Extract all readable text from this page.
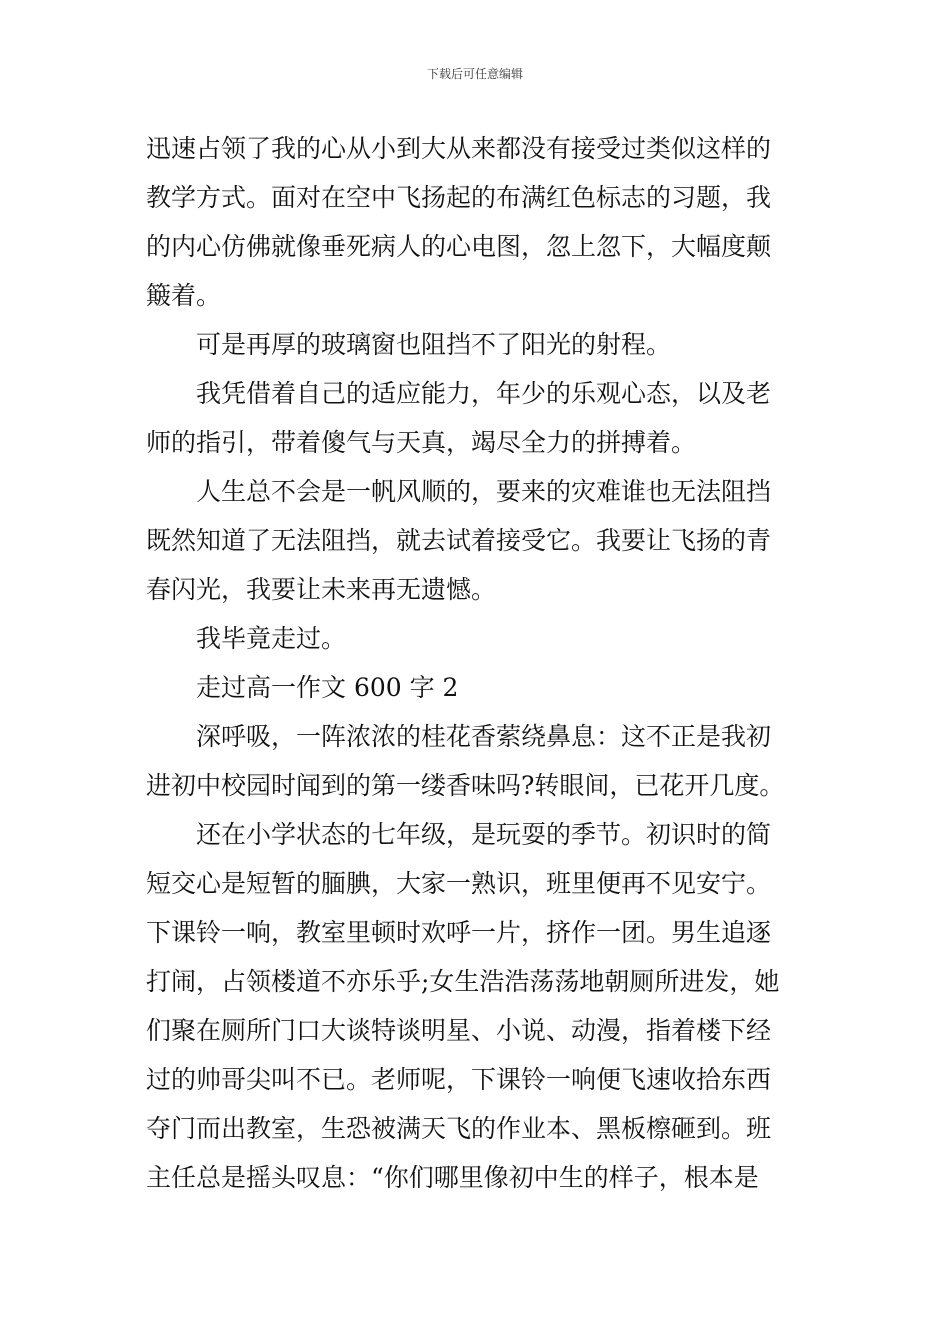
下载后可任意编辑
迅速占领了我的心从小到大从来都没有接受过类似这样的
教学方式。面对在空中飞扬起的布满红色标志的习题，我
的内心仿佛就像垂死病人的心电图，忽上忽下，大幅度颠
簸着。
可是再厚的玻璃窗也阻挡不了阳光的射程。
我凭借着自己的适应能力，年少的乐观心态，以及老
师的指引，带着傻气与天真，竭尽全力的拼搏着。
人生总不会是一帆风顺的，要来的灾难谁也无法阻挡
既然知道了无法阻挡，就去试着接受它。我要让飞扬的青
春闪光，我要让未来再无遗憾。
我毕竟走过。
走过高一作文 600 字 2
深呼吸，一阵浓浓的桂花香萦绕鼻息：这不正是我初
进初中校园时闻到的第一缕香味吗?转眼间，已花开几度。
还在小学状态的七年级，是玩耍的季节。初识时的简
短交心是短暂的腼腆，大家一熟识，班里便再不见安宁。
下课铃一响，教室里顿时欢呼一片，挤作一团。男生追逐
打闹，占领楼道不亦乐乎;女生浩浩荡荡地朝厕所进发，她
们聚在厕所门口大谈特谈明星、小说、动漫，指着楼下经
过的帅哥尖叫不已。老师呢，下课铃一响便飞速收拾东西
夺门而出教室，生恐被满天飞的作业本、黑板檫砸到。班
主任总是摇头叹息：“你们哪里像初中生的样子，根本是
